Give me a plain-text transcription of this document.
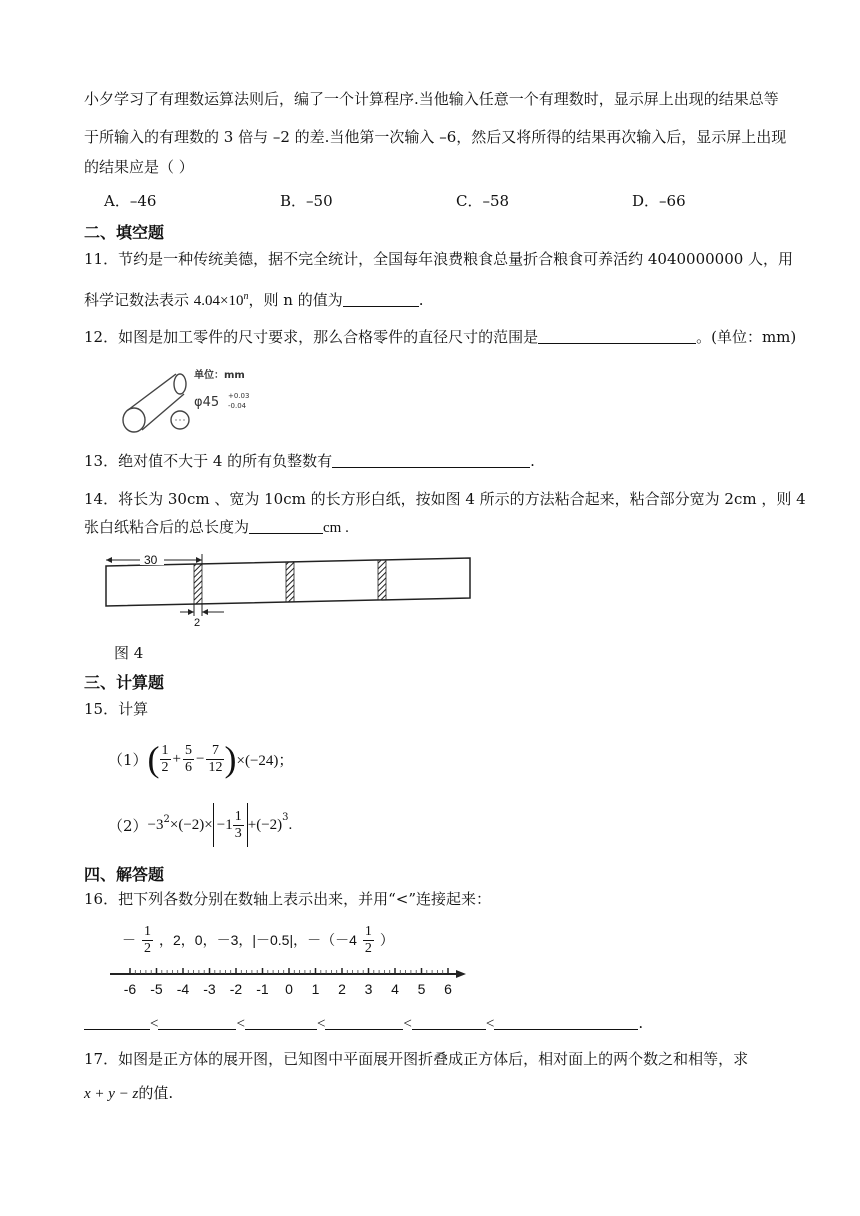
小夕学习了有理数运算法则后，编了一个计算程序.当他输入任意一个有理数时，显示屏上出现的结果总等
于所输入的有理数的 3 倍与 –2 的差.当他第一次输入 –6，然后又将所得的结果再次输入后，显示屏上出现
的结果应是（ ）
A．–46	B．–50	C．–58	D．–66
二、填空题
11．节约是一种传统美德，据不完全统计，全国每年浪费粮食总量折合粮食可养活约 4040000000 人，用
科学记数法表示 $4.04\times 10^n$，则 n 的值为	.
12．如图是加工零件的尺寸要求，那么合格零件的直径尺寸的范围是	。(单位：mm)
单位：mm
φ45 +0.03
-0.04
13．绝对值不大于 4 的所有负整数有	.
14．将长为 30cm 、宽为 10cm 的长方形白纸，按如图 4 所示的方法粘合起来，粘合部分宽为 2cm ，则 4
张白纸粘合后的总长度为	cm .
30
2
图 4
三、计算题
15．计算
（1） ( $\frac{1}{2} + \frac{5}{6} - \frac{7}{12}$ ) ×(−24)；
$(2) -3^2 \times(-2)\times -1 \frac{1}{3} +(-2)^3$ .
四、解答题
16．把下列各数分别在数轴上表示出来，并用“<”连接起来：
－ $\frac{1}{2}$ ，2，0，－3，|－0.5|，$-(-4 \frac{1}{2}$ ）
-6 -5 -4 -3 -2 -1 0 1 2 3 4 5 6
<	<	<	<	<	.
17．如图是正方体的展开图，已知图中平面展开图折叠成正方体后，相对面上的两个数之和相等，求
x + y − z的值.
